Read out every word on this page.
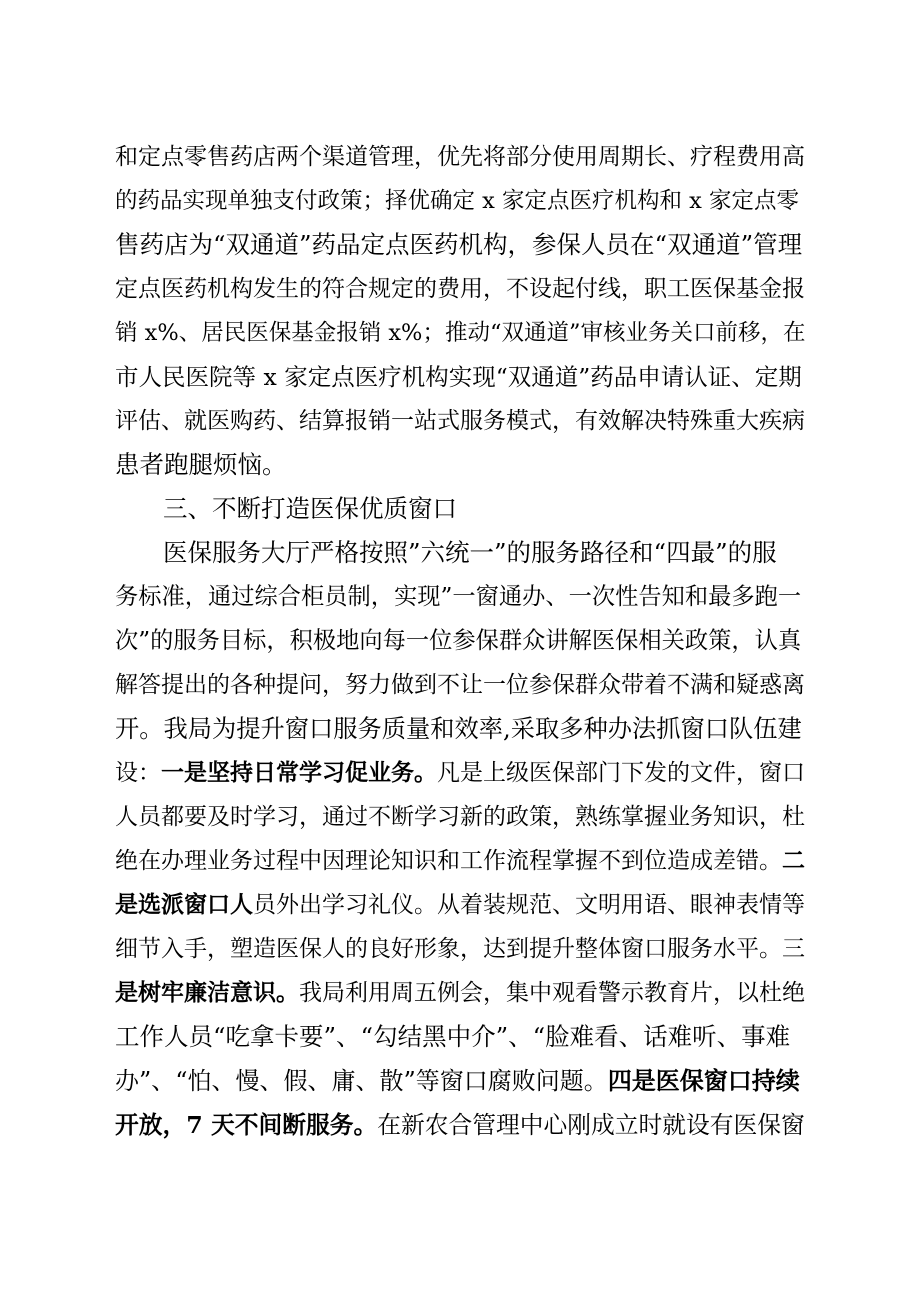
和定点零售药店两个渠道管理，优先将部分使用周期长、疗程费用高
的药品实现单独支付政策；择优确定 x 家定点医疗机构和 x 家定点零
售药店为“双通道”药品定点医药机构，参保人员在“双通道”管理
定点医药机构发生的符合规定的费用，不设起付线，职工医保基金报
销 x%、居民医保基金报销 x%；推动“双通道”审核业务关口前移，在
市人民医院等 x 家定点医疗机构实现“双通道”药品申请认证、定期
评估、就医购药、结算报销一站式服务模式，有效解决特殊重大疾病
患者跑腿烦恼。
三、不断打造医保优质窗口
医保服务大厅严格按照”六统一”的服务路径和“四最”的服
务标准，通过综合柜员制，实现”一窗通办、一次性告知和最多跑一
次”的服务目标，积极地向每一位参保群众讲解医保相关政策，认真
解答提出的各种提问，努力做到不让一位参保群众带着不满和疑惑离
开。我局为提升窗口服务质量和效率,采取多种办法抓窗口队伍建
设：一是坚持日常学习促业务。凡是上级医保部门下发的文件，窗口
人员都要及时学习，通过不断学习新的政策，熟练掌握业务知识，杜
绝在办理业务过程中因理论知识和工作流程掌握不到位造成差错。二
是选派窗口人员外出学习礼仪。从着装规范、文明用语、眼神表情等
细节入手，塑造医保人的良好形象，达到提升整体窗口服务水平。三
是树牢廉洁意识。我局利用周五例会，集中观看警示教育片，以杜绝
工作人员“吃拿卡要”、“勾结黑中介”、“脸难看、话难听、事难
办”、“怕、慢、假、庸、散”等窗口腐败问题。四是医保窗口持续
开放，7 天不间断服务。在新农合管理中心刚成立时就设有医保窗
